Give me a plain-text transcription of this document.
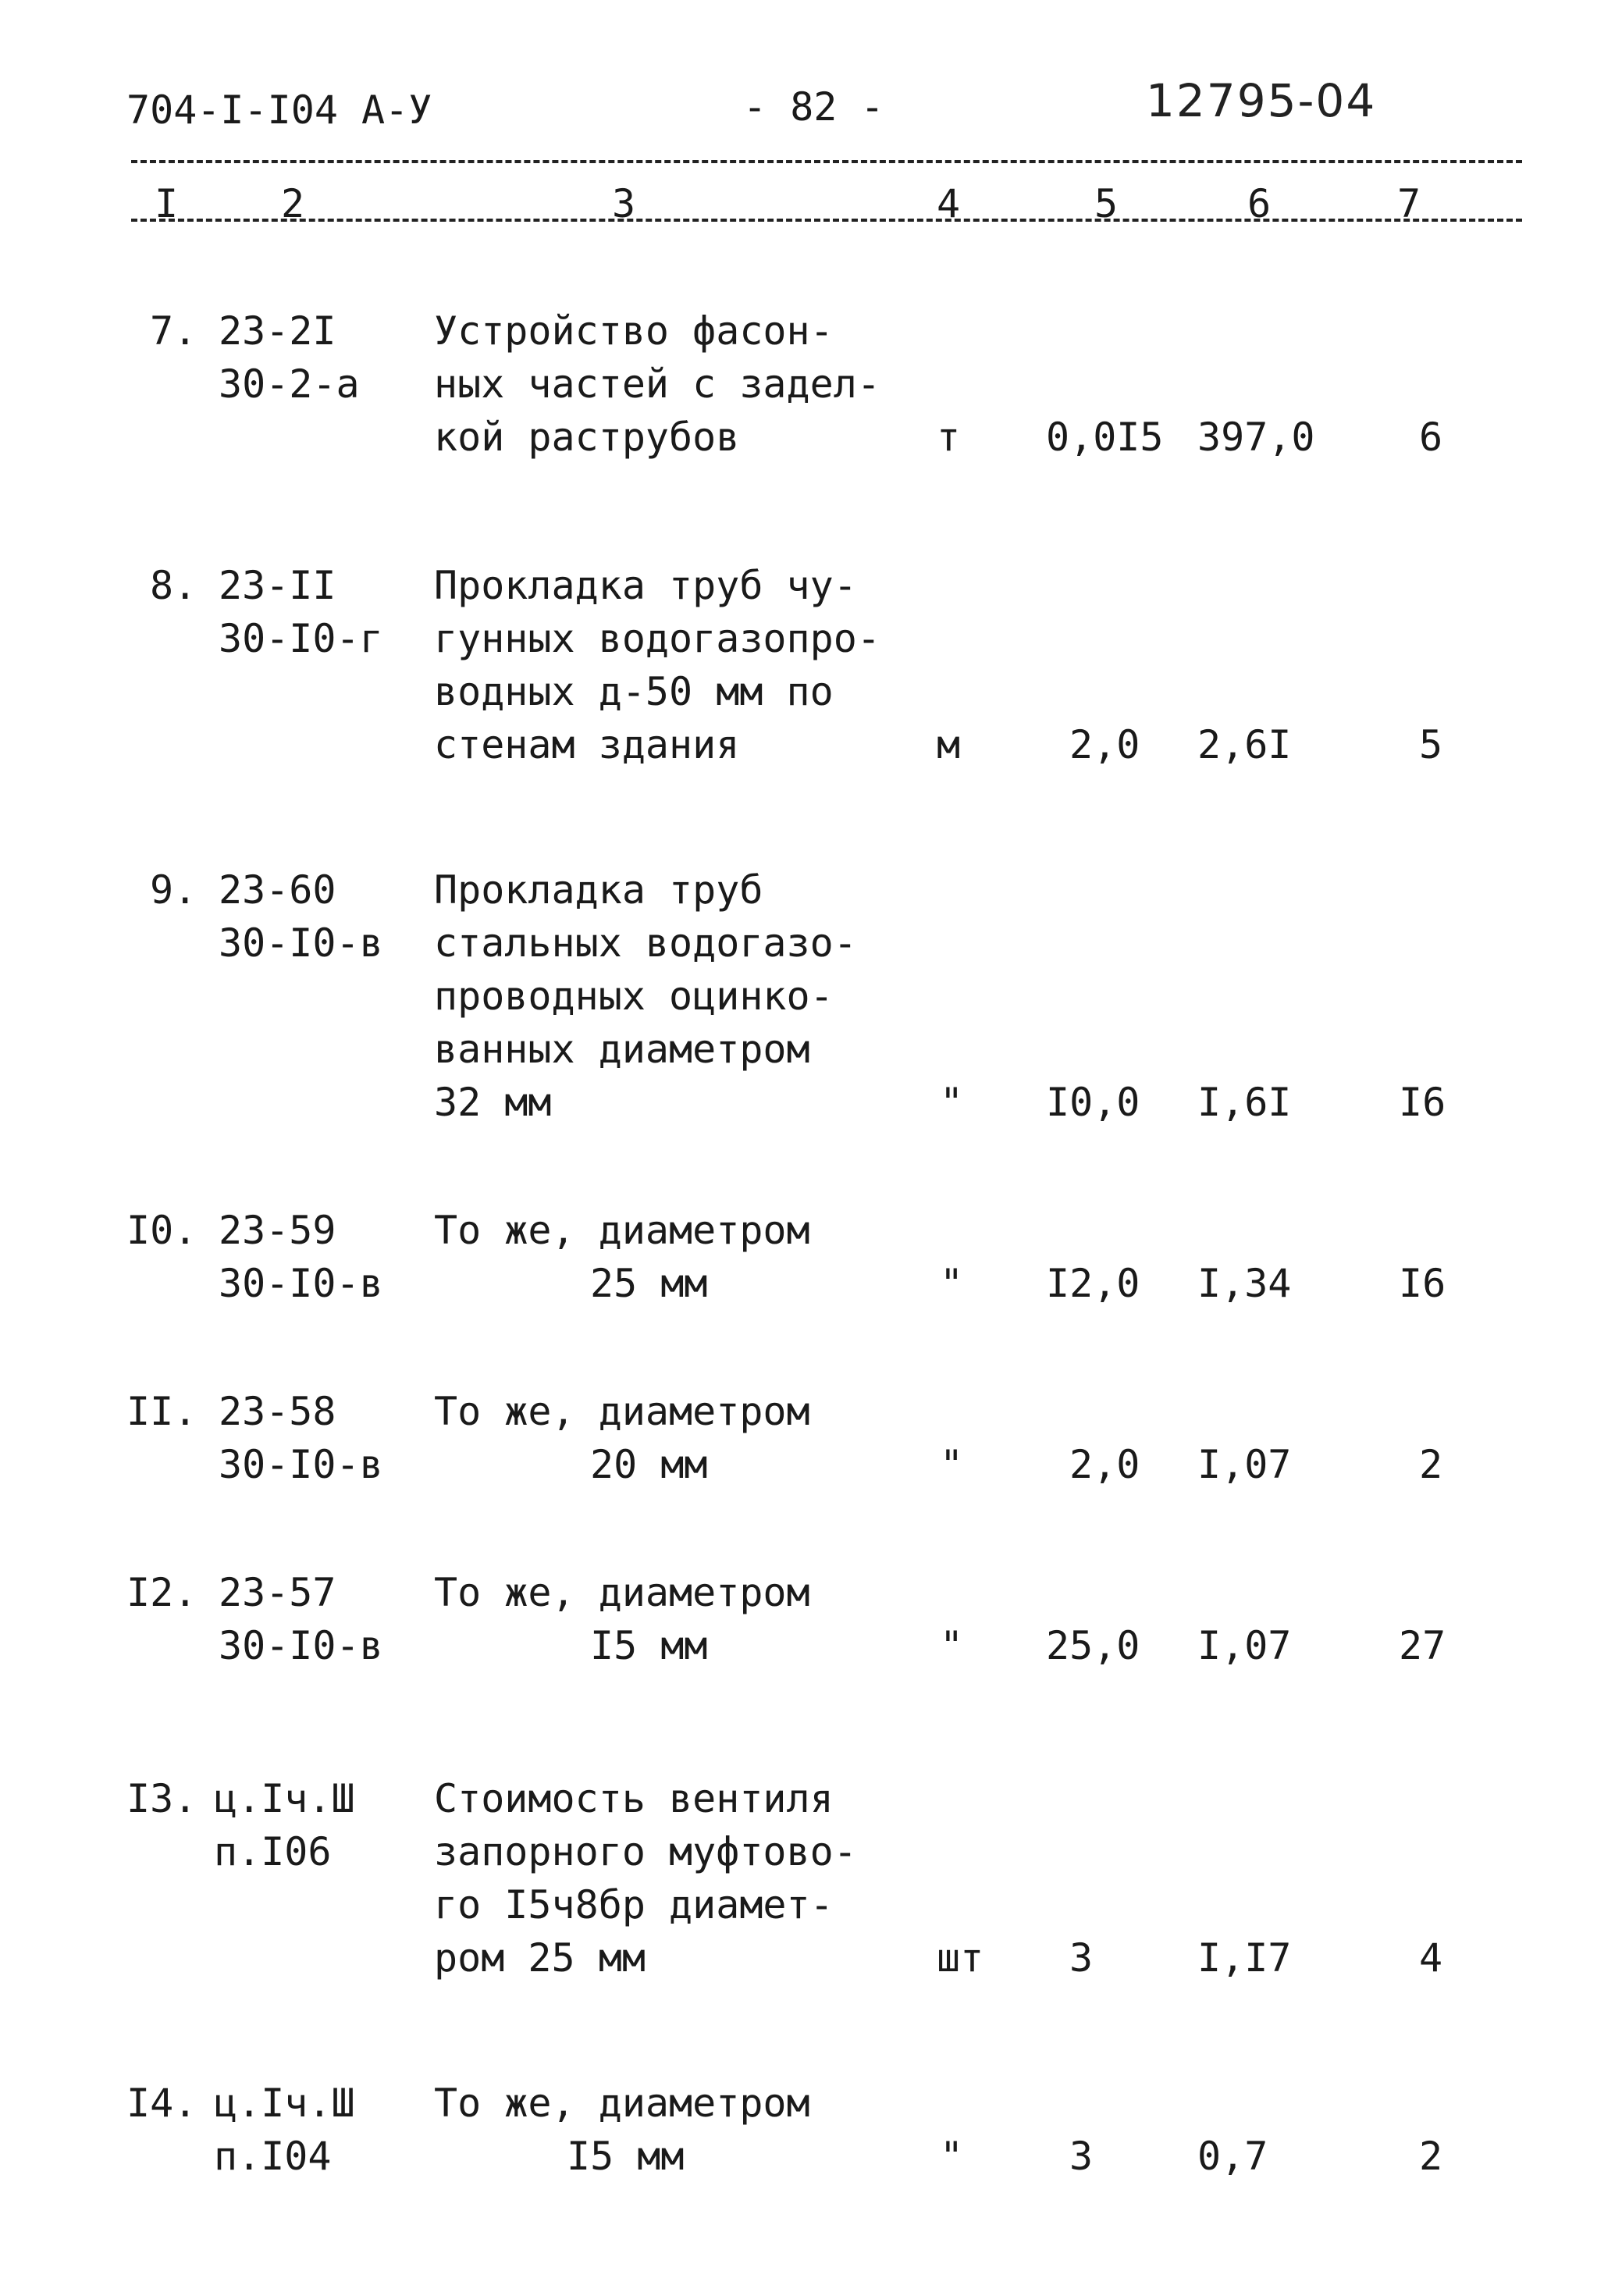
704-I-I04 А-У	- 82 -	12795-04
I	2	3	4	5	6	7
7. 23-2I
30-2-а
Устройство фасон-
ных частей с задел-
кой раструбов	т 0,0I5 397,0	6
8. 23-II
30-I0-г
Прокладка труб чу-
гунных водогазопро-
водных д-50 мм по
стенам здания	м	2,0 2,6I	5
9. 23-60
30-I0-в
Прокладка труб
стальных водогазо-
проводных оцинко-
ванных диаметром
32 мм	" I0,0 I,6I	I6
I0. 23-59
30-I0-в
То же, диаметром
25 мм	" I2,0 I,34	I6
II. 23-58
30-I0-в
То же, диаметром
20 мм	"	2,0 I,07	2
I2. 23-57
30-I0-в
То же, диаметром
I5 мм	" 25,0 I,07	27
I3. ц.Iч.Ш
п.I06
Стоимость вентиля
запорного муфтово-
го I5ч8бр диамет-
ром 25 мм	шт 3	I,I7	4
I4. ц.Iч.Ш
п.I04
То же, диаметром
I5 мм	"	3	0,7	2
